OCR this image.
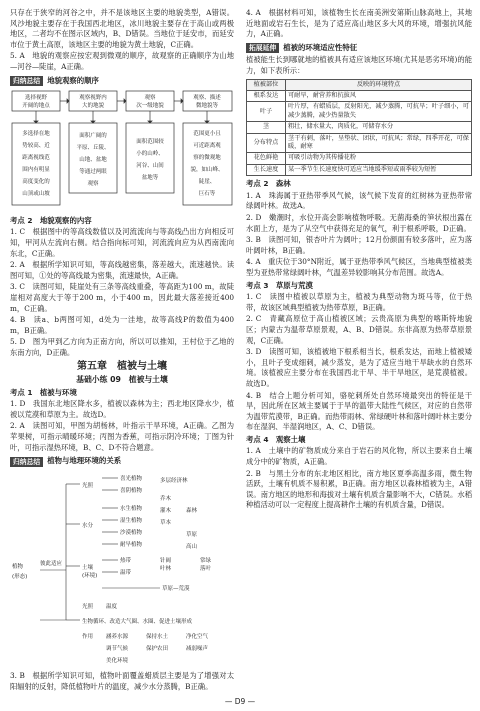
只存在于狭窄的河谷之中，并不是该地区主要的地貌类型，A错误。风沙地貌主要存在于我国西北地区，冰川地貌主要存在于高山或两极地区，二者均不在图示区域内，B、D错误。当地位于延安市，而延安市位于黄土高原，该地区主要的地貌为黄土地貌，C正确。

5. A　地貌的观察应按宏观到微观的顺序，故观察的正确顺序为山地—河谷—陡崖，A正确。

归纳总结 地貌观察的顺序
选择视野
开阔的地点
观察视野内
大的地貌
观察
次一级地貌
观察、描述
微地貌等
多选择在地
势较高、近
距离视线范
围内有明显
高度变化的
山顶或山坡
面积广阔的
平原、丘陵、
山地、盆地
等通过两眼
观察
面积范围较
小的山岭、
河谷、山间
盆地等
范围更小且
可近距离观
察的微观地
貌，如山峰、
陡崖、
巨石等
考点 2　地貌观察的内容

1. C　根据图中的等高线数值以及河流流向与等高线凸出方向相反可知，甲河从左流向右侧。结合指向标可知，河流流向应为从西南流向东北，C正确。

2. A　根据所学知识可知，等高线越密集，落差越大，流速越快。读图可知，①处的等高线最为密集，流速最快，A正确。

3. C　读图可知，陡崖处有三条等高线重叠，等高距为100 m，故陡崖相对高度大于等于200 m，小于400 m，因此最大落差接近400 m，C正确。

4. B　读a、b两图可知，d处为一洼地，故等高线P的数值为400 m，B正确。

5. D　图为甲到乙方向为正南方向，所以可以推知，王村位于乙地的东南方向，D正确。

第五章　植被与土壤
基础小练 09　植被与土壤
考点 1　植被与环境

1. D　我国东北地区降水多，植被以森林为主；西北地区降水少，植被以荒漠和草原为主。故选D。

2. A　读图可知，甲图为胡杨林，叶指示干旱环境，A正确。乙图为苹果树，可指示晴暖环境；丙图为香蕉，可指示阴冷环境；丁图为针叶，可指示湿热环境，B、C、D不符合题意。

归纳总结 植物与地理环境的关系
植物
(形态)
彼此适应
光照
水分
土壤
(环境)
喜光植物
喜阴植物
水生植物
湿生植物
沙漠植物
耐旱植物
热带
温带
草原—荒漠
针阔
叶林
多层经济林
乔木
灌木
草本
森林
草原
高山
常绿
落叶
光照 温度
生物循环、改造大气圈、水圈、促进土壤形成
作用 涵养水源	保持水土	净化空气
调节气候	保护农田	减弱噪声
美化环境

3. B　根据所学知识可知，植物叶面覆盖蜡质层主要是为了增强对太阳辐射的反射，降低植物叶片的温度，减少水分蒸腾，B正确。

4. A　根据材料可知，该植物生长在南美洲安第斯山脉高地上，其地近地面或岩石生长，是为了适应高山地区多大风的环境，增强抗风能力，A正确。

拓展延伸 植被的环境适应性特征

植被能生长到哪就地的植被具有适应该地区环境(尤其是恶劣环境)的能力，如下表所示：

植被部位	反映的环境特点
根系发达	可耐旱，耐营养和抗拔风
叶子	叶片厚，有蜡质层，反射阳光，减少蒸腾，可抗旱；叶子细小，可减少蒸腾，减少热量散失
茎	粗壮，储水量大，肉质化，可储存水分
分布特点	茎干有刺，落叶，呈垫状、团状，可抗风；常绿，四季开花，可保暖，耐寒
花色鲜艳	可吸引动物为其传播花粉
生长速度	某一季节生长速度快可适应当地缓季短或雨季较为短暂
考点 2　森林

1. A　珠海属于亚热带季风气候，该气候下发育的红树林为亚热带常绿阔叶林。故选A。

2. D　嫩潮时，水位开高会影响植物呼吸。无菌海桑的笋状根出露在水面上方，是为了从空气中获得充足的氧气，利于根系呼吸，D正确。

3. B　读图可知，银杏叶片为阔叶；12月份颜面有较多落叶，应为落叶阔叶林，B正确。

4. A　重庆位于30°N附近，属于亚热带季风气候区，当地典型植被类型为亚热带常绿阔叶林，气温差异较影响其分布范围。故选A。

考点 3　草原与荒漠

1. C　读图中植被以草原为主，植被为典型动物为斑马等，位于热带，故该区域典型植被为热带草原，B正确。

2. C　青藏高原位于高山植被区域；云贵高原为典型的喀斯特地貌区；内蒙古为温带草原景观，A、B、D错误。东非高原为热带草原景观，C正确。

3. D　读图可知，该植被地下根系相当长，根系发达，而地上植被矮小，且叶子变成细刺，减少蒸发，是为了适应当地干旱缺水的自然环境。该植被应主要分布在我国西北干旱、半干旱地区，是荒漠植被。故选D。

4. B　结合上题分析可知，骆驼刺所处自然环境最突出的特征是干旱，因此所在区域主要属于于旱的温带大陆性气候区，对应的自然带为温带荒漠带，B正确。而热带雨林、常绿硬叶林和落叶阔叶林主要分布在湿润、半湿润地区，A、C、D错误。

考点 4　观察土壤

1. A　土壤中的矿物质成分来自于岩石的风化物，所以主要来自土壤成分中的矿物质，A正确。

2. B　与黑土分布的东北地区相比，南方地区夏季高温多雨，微生物活跃，土壤有机质不易积累，B正确。南方地区以森林植被为主，A错误。南方地区的地形和海拔对土壤有机质含量影响不大，C错误。水稻种植活动可以一定程度上提高耕作土壤的有机质含量，D错误。

— D9 —
